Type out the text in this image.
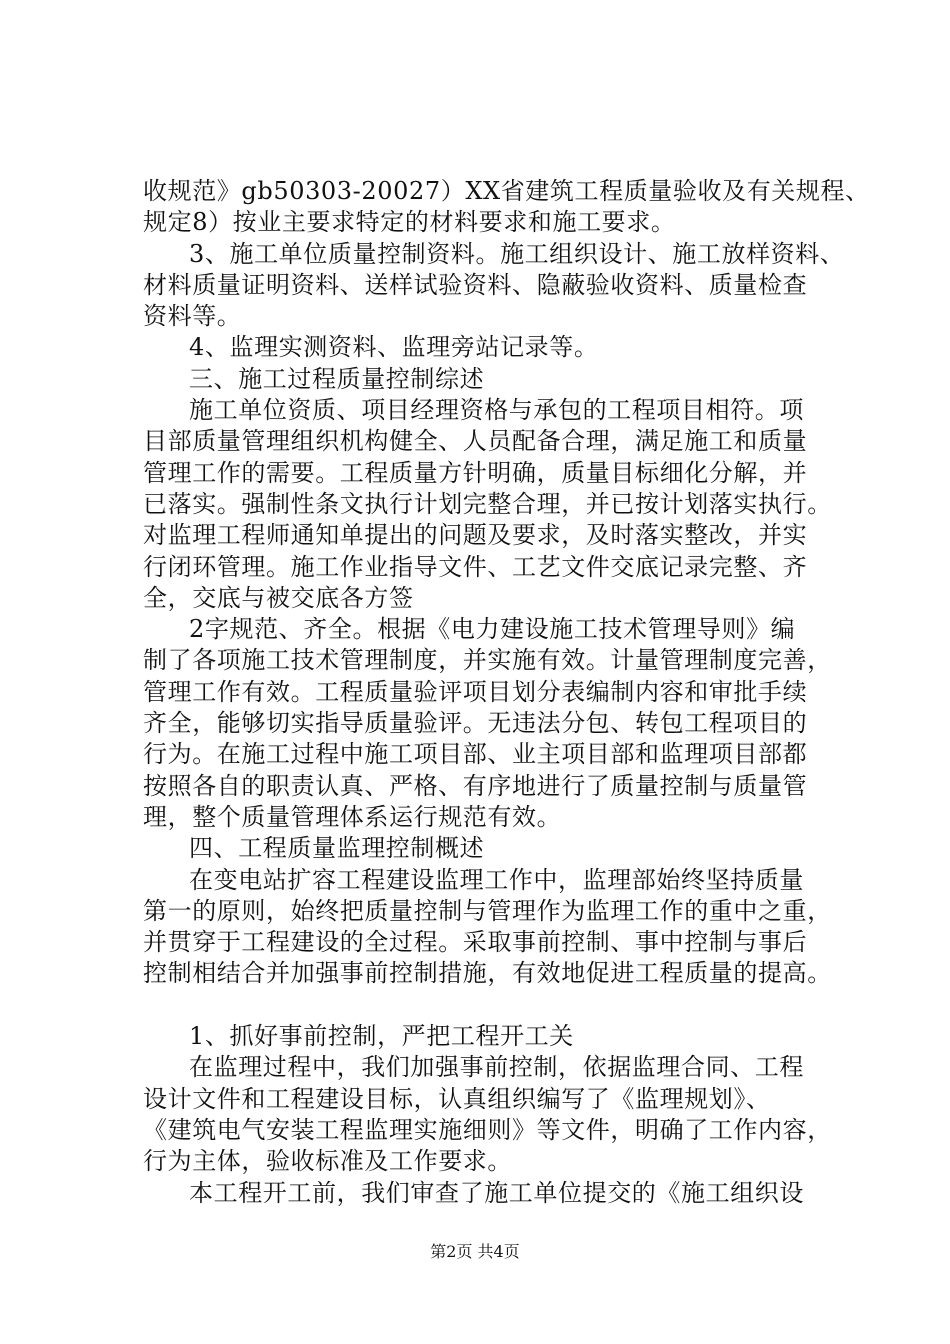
收规范》gb50303-20027）XX省建筑工程质量验收及有关规程、
规定8）按业主要求特定的材料要求和施工要求。
3、施工单位质量控制资料。施工组织设计、施工放样资料、
材料质量证明资料、送样试验资料、隐蔽验收资料、质量检查
资料等。
4、监理实测资料、监理旁站记录等。
三、施工过程质量控制综述
施工单位资质、项目经理资格与承包的工程项目相符。项
目部质量管理组织机构健全、人员配备合理，满足施工和质量
管理工作的需要。工程质量方针明确，质量目标细化分解，并
已落实。强制性条文执行计划完整合理，并已按计划落实执行。
对监理工程师通知单提出的问题及要求，及时落实整改，并实
行闭环管理。施工作业指导文件、工艺文件交底记录完整、齐
全，交底与被交底各方签
2字规范、齐全。根据《电力建设施工技术管理导则》编
制了各项施工技术管理制度，并实施有效。计量管理制度完善，
管理工作有效。工程质量验评项目划分表编制内容和审批手续
齐全，能够切实指导质量验评。无违法分包、转包工程项目的
行为。在施工过程中施工项目部、业主项目部和监理项目部都
按照各自的职责认真、严格、有序地进行了质量控制与质量管
理，整个质量管理体系运行规范有效。
四、工程质量监理控制概述
在变电站扩容工程建设监理工作中，监理部始终坚持质量
第一的原则，始终把质量控制与管理作为监理工作的重中之重，
并贯穿于工程建设的全过程。采取事前控制、事中控制与事后
控制相结合并加强事前控制措施，有效地促进工程质量的提高。
1、抓好事前控制，严把工程开工关
在监理过程中，我们加强事前控制，依据监理合同、工程
设计文件和工程建设目标，认真组织编写了《监理规划》、
《建筑电气安装工程监理实施细则》等文件，明确了工作内容，
行为主体，验收标准及工作要求。
本工程开工前，我们审查了施工单位提交的《施工组织设
第2页 共4页
